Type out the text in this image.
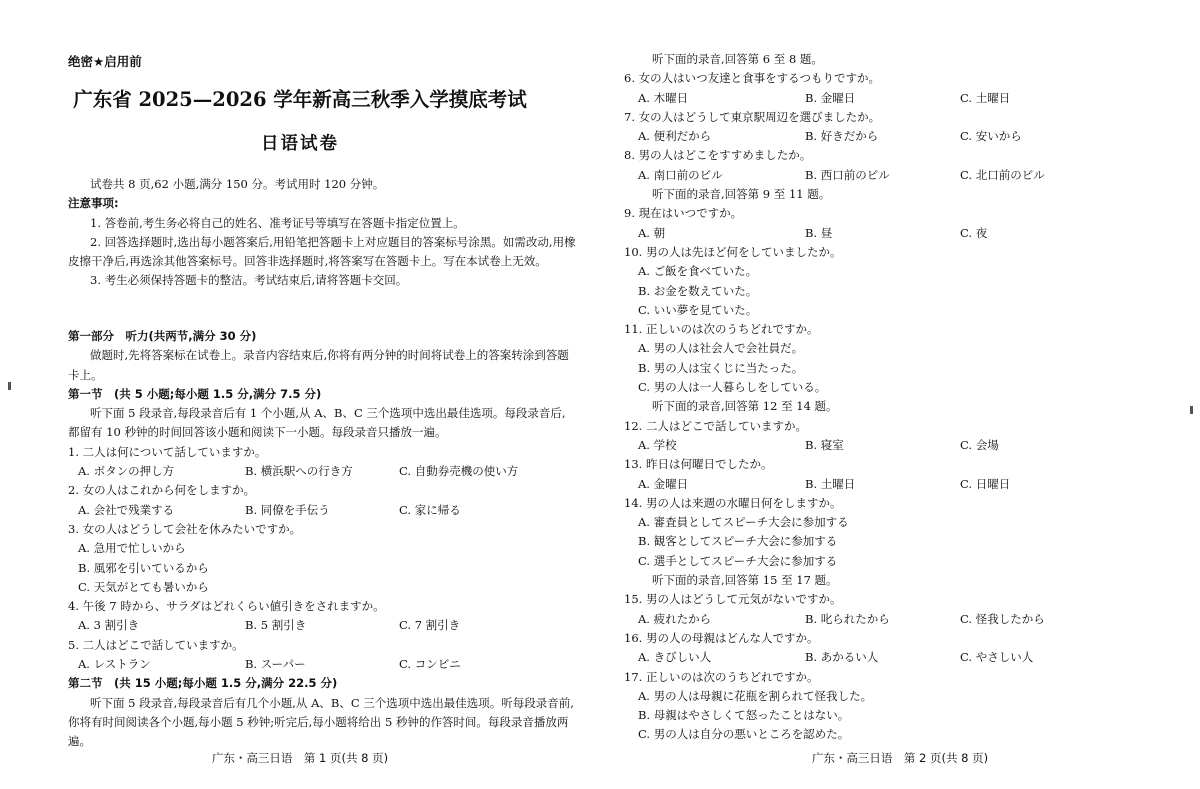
绝密★启用前
广东省 2025—2026 学年新高三秋季入学摸底考试
日语试卷

试卷共 8 页,62 小题,满分 150 分。考试用时 120 分钟。

注意事项:

1. 答卷前,考生务必将自己的姓名、准考证号等填写在答题卡指定位置上。

2. 回答选择题时,选出每小题答案后,用铅笔把答题卡上对应题目的答案标号涂黑。如需改动,用橡皮擦干净后,再选涂其他答案标号。回答非选择题时,将答案写在答题卡上。写在本试卷上无效。

3. 考生必须保持答题卡的整洁。考试结束后,请将答题卡交回。

第一部分　听力(共两节,满分 30 分)

做题时,先将答案标在试卷上。录音内容结束后,你将有两分钟的时间将试卷上的答案转涂到答题卡上。

第一节　(共 5 小题;每小题 1.5 分,满分 7.5 分)

听下面 5 段录音,每段录音后有 1 个小题,从 A、B、C 三个选项中选出最佳选项。每段录音后,都留有 10 秒钟的时间回答该小题和阅读下一小题。每段录音只播放一遍。

1. 二人は何について話していますか。
A. ボタンの押し方	B. 横浜駅への行き方	C. 自動券売機の使い方
2. 女の人はこれから何をしますか。
A. 会社で残業する	B. 同僚を手伝う	C. 家に帰る
3. 女の人はどうして会社を休みたいですか。
A. 急用で忙しいから
B. 風邪を引いているから
C. 天気がとても暑いから
4. 午後 7 時から、サラダはどれくらい値引きをされますか。
A. 3 割引き	B. 5 割引き	C. 7 割引き
5. 二人はどこで話していますか。
A. レストラン	B. スーパー	C. コンビニ

第二节　(共 15 小题;每小题 1.5 分,满分 22.5 分)

听下面 5 段录音,每段录音后有几个小题,从 A、B、C 三个选项中选出最佳选项。听每段录音前,你将有时间阅读各个小题,每小题 5 秒钟;听完后,每小题将给出 5 秒钟的作答时间。每段录音播放两遍。

广东・高三日语　第 1 页(共 8 页)
听下面的录音,回答第 6 至 8 题。
6. 女の人はいつ友達と食事をするつもりですか。
A. 木曜日	B. 金曜日	C. 土曜日
7. 女の人はどうして東京駅周辺を選びましたか。
A. 便利だから	B. 好きだから	C. 安いから
8. 男の人はどこをすすめましたか。
A. 南口前のビル	B. 西口前のビル	C. 北口前のビル
听下面的录音,回答第 9 至 11 题。
9. 現在はいつですか。
A. 朝	B. 昼	C. 夜
10. 男の人は先ほど何をしていましたか。
A. ご飯を食べていた。
B. お金を数えていた。
C. いい夢を見ていた。
11. 正しいのは次のうちどれですか。
A. 男の人は社会人で会社員だ。
B. 男の人は宝くじに当たった。
C. 男の人は一人暮らしをしている。
听下面的录音,回答第 12 至 14 题。
12. 二人はどこで話していますか。
A. 学校	B. 寝室	C. 会場
13. 昨日は何曜日でしたか。
A. 金曜日	B. 土曜日	C. 日曜日
14. 男の人は来週の水曜日何をしますか。
A. 審査員としてスピーチ大会に参加する
B. 観客としてスピーチ大会に参加する
C. 選手としてスピーチ大会に参加する
听下面的录音,回答第 15 至 17 题。
15. 男の人はどうして元気がないですか。
A. 疲れたから	B. 叱られたから	C. 怪我したから
16. 男の人の母親はどんな人ですか。
A. きびしい人	B. あかるい人	C. やさしい人
17. 正しいのは次のうちどれですか。
A. 男の人は母親に花瓶を割られて怪我した。
B. 母親はやさしくて怒ったことはない。
C. 男の人は自分の悪いところを認めた。
广东・高三日语　第 2 页(共 8 页)
